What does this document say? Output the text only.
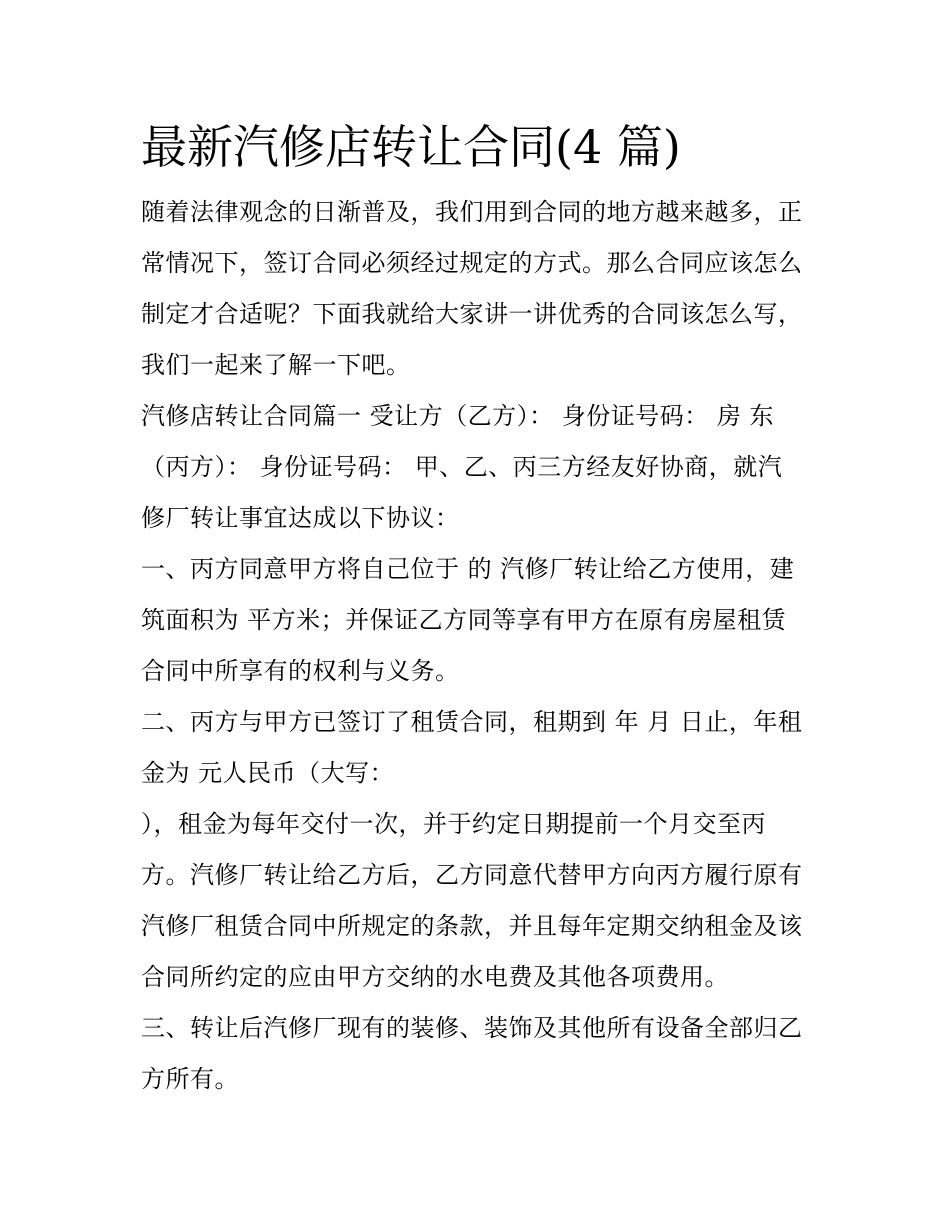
最新汽修店转让合同(4 篇)
随着法律观念的日渐普及，我们用到合同的地方越来越多，正
常情况下，签订合同必须经过规定的方式。那么合同应该怎么
制定才合适呢？下面我就给大家讲一讲优秀的合同该怎么写，
我们一起来了解一下吧。
汽修店转让合同篇一 受让方（乙方）： 身份证号码： 房 东
（丙方）： 身份证号码： 甲、乙、丙三方经友好协商，就汽
修厂转让事宜达成以下协议：
一、丙方同意甲方将自己位于 的 汽修厂转让给乙方使用，建
筑面积为 平方米；并保证乙方同等享有甲方在原有房屋租赁
合同中所享有的权利与义务。
二、丙方与甲方已签订了租赁合同，租期到 年 月 日止，年租
金为 元人民币（大写：
），租金为每年交付一次，并于约定日期提前一个月交至丙
方。汽修厂转让给乙方后，乙方同意代替甲方向丙方履行原有
汽修厂租赁合同中所规定的条款，并且每年定期交纳租金及该
合同所约定的应由甲方交纳的水电费及其他各项费用。
三、转让后汽修厂现有的装修、装饰及其他所有设备全部归乙
方所有。
